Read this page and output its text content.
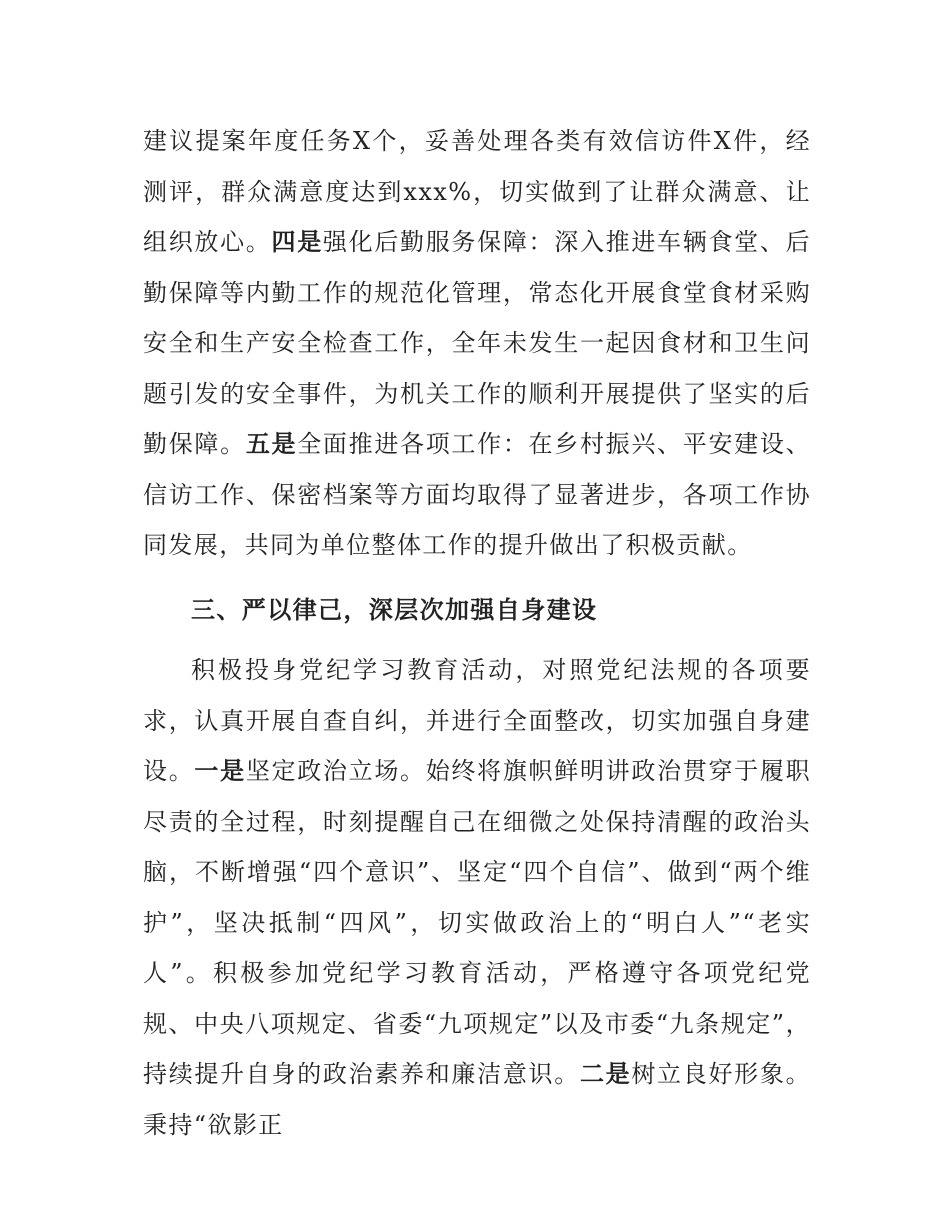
建议提案年度任务X个，妥善处理各类有效信访件X件，经测评，群众满意度达到xxx%，切实做到了让群众满意、让组织放心。四是强化后勤服务保障：深入推进车辆食堂、后勤保障等内勤工作的规范化管理，常态化开展食堂食材采购安全和生产安全检查工作，全年未发生一起因食材和卫生问题引发的安全事件，为机关工作的顺利开展提供了坚实的后勤保障。五是全面推进各项工作：在乡村振兴、平安建设、信访工作、保密档案等方面均取得了显著进步，各项工作协同发展，共同为单位整体工作的提升做出了积极贡献。

三、严以律己，深层次加强自身建设

积极投身党纪学习教育活动，对照党纪法规的各项要求，认真开展自查自纠，并进行全面整改，切实加强自身建设。一是坚定政治立场。始终将旗帜鲜明讲政治贯穿于履职尽责的全过程，时刻提醒自己在细微之处保持清醒的政治头脑，不断增强“四个意识”、坚定“四个自信”、做到“两个维护”，坚决抵制“四风”，切实做政治上的“明白人”“老实人”。积极参加党纪学习教育活动，严格遵守各项党纪党规、中央八项规定、省委“九项规定”以及市委“九条规定”，持续提升自身的政治素养和廉洁意识。二是树立良好形象。秉持“欲影正
